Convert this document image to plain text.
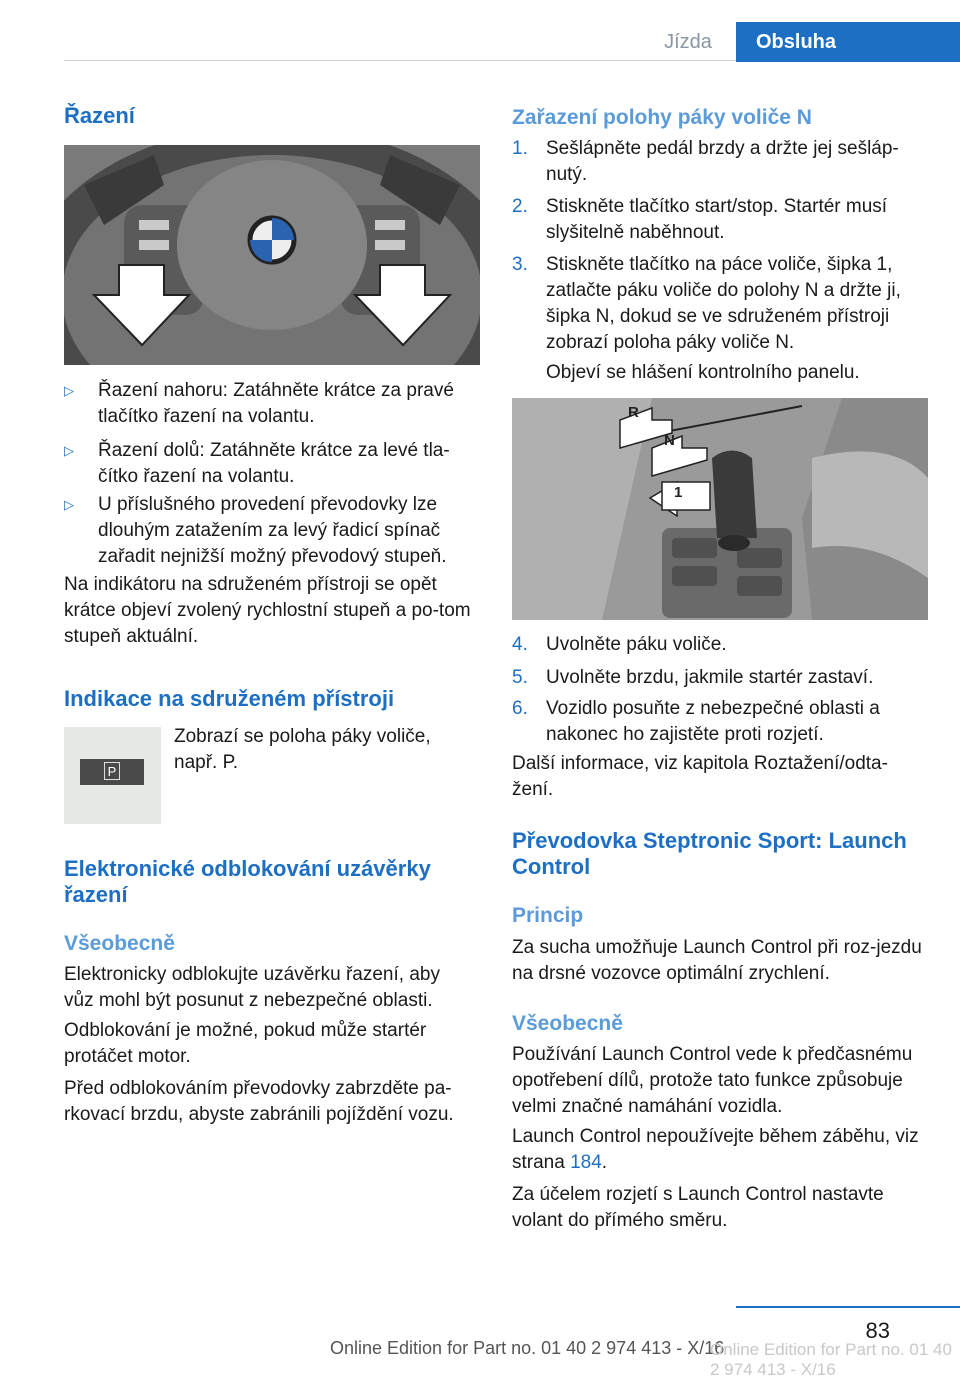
Jízda	Obsluha
Řazení
▷ Řazení nahoru: Zatáhněte krátce za pravé tlačítko řazení na volantu.
▷ Řazení dolů: Zatáhněte krátce za levé tla‐čítko řazení na volantu.
▷ U příslušného provedení převodovky lze dlouhým zatažením za levý řadicí spínač zařadit nejnižší možný převodový stupeň.
Na indikátoru na sdruženém přístroji se opět krátce objeví zvolený rychlostní stupeň a po‐tom stupeň aktuální.
Indikace na sdruženém přístroji
P
Zobrazí se poloha páky voliče, např. P.
Elektronické odblokování uzávěrky řazení
Všeobecně
Elektronicky odblokujte uzávěrku řazení, aby vůz mohl být posunut z nebezpečné oblasti.
Odblokování je možné, pokud může startér protáčet motor.
Před odblokováním převodovky zabrzděte pa‐rkovací brzdu, abyste zabránili pojíždění vozu.
Zařazení polohy páky voliče N
1. Sešlápněte pedál brzdy a držte jej sešláp‐nutý.
2. Stiskněte tlačítko start/stop. Startér musí slyšitelně naběhnout.
3. Stiskněte tlačítko na páce voliče, šipka 1, zatlačte páku voliče do polohy N a držte ji, šipka N, dokud se ve sdruženém přístroji zobrazí poloha páky voliče N.
Objeví se hlášení kontrolního panelu.
R
N
1
4. Uvolněte páku voliče.
5. Uvolněte brzdu, jakmile startér zastaví.
6. Vozidlo posuňte z nebezpečné oblasti a nakonec ho zajistěte proti rozjetí.
Další informace, viz kapitola Roztažení/odta‐žení.
Převodovka Steptronic Sport: Launch Control
Princip
Za sucha umožňuje Launch Control při roz‐jezdu na drsné vozovce optimální zrychlení.
Všeobecně
Používání Launch Control vede k předčasnému opotřebení dílů, protože tato funkce způsobuje velmi značné namáhání vozidla.
Launch Control nepoužívejte během záběhu, viz strana 184.
Za účelem rozjetí s Launch Control nastavte volant do přímého směru.
83
Online Edition for Part no. 01 40 2 974 413 - X/16
Online Edition for Part no. 01 40 2 974 413 - X/16
